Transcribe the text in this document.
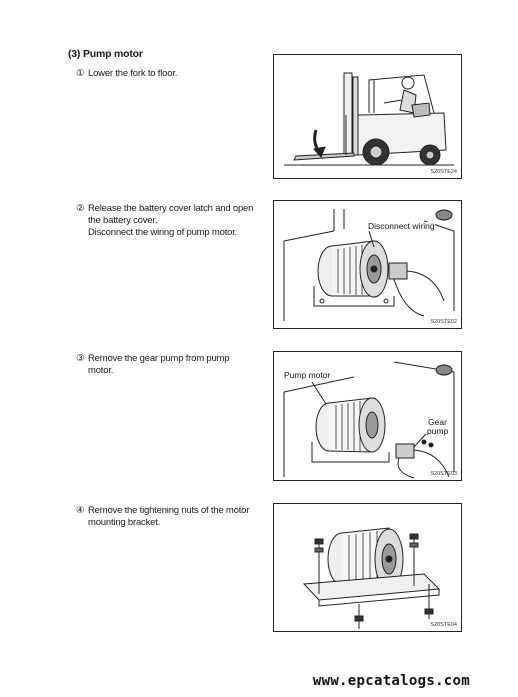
(3) Pump motor
① Lower the fork to floor.
S20STE24
② Release the battery cover latch and open
the battery cover.
Disconnect the wiring of pump motor.
Disconnect wiring
S20STE02
③ Remove the gear pump from pump
motor.	Pump motor
Gear
pump
S20STE03
④ Remove the tightening nuts of the motor
mounting bracket.
S20STE04
www.epcatalogs.com
